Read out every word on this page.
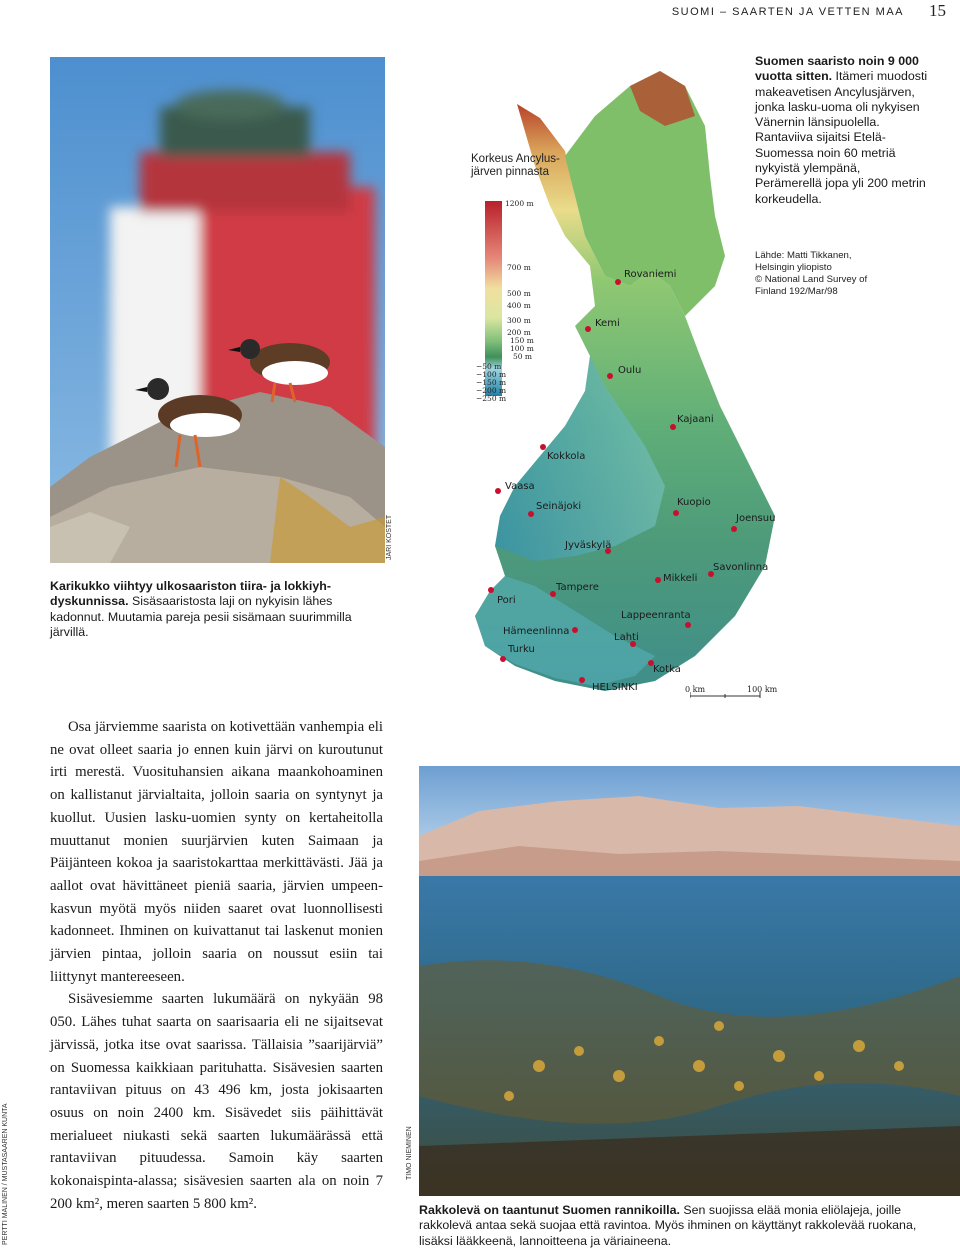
SUOMI – SAARTEN JA VETTEN MAA 15
JARI KOSTET
Karikukko viihtyy ulkosaariston tiira- ja lokkiyhdyskunnissa. Sisäsaaristosta laji on nykyisin lähes kadonnut. Muutamia pareja pesii sisämaan suurimmilla järvillä.
1200 m
700 m
500 m
400 m
300 m
200 m
150 m
100 m
50 m
−50 m
−100 m
−150 m
−200 m
−250 m
Rovaniemi
Kemi
Oulu
Kajaani
Kokkola
Vaasa
Seinäjoki	Kuopio
Joensuu
Jyväskylä
Savonlinna
Mikkeli
Tampere
Pori
Lappeenranta
Hämeenlinna
Lahti
Turku
Kotka
HELSINKI	0 km	100 km
Korkeus Ancylus-järven pinnasta
Suomen saaristo noin 9 000 vuotta sitten. Itämeri muodosti makeavetisen Ancylusjärven, jonka lasku-uoma oli nykyisen Vänernin länsipuolella. Rantaviiva sijaitsi Etelä-Suomessa noin 60 metriä nykyistä ylempänä, Perämerellä jopa yli 200 metrin korkeudella.
Lähde: Matti Tikkanen,
Helsingin yliopisto
© National Land Survey of
Finland 192/Mar/98

Osa järviemme saarista on kotivettään vanhempia eli ne ovat olleet saaria jo ennen kuin järvi on kuroutunut irti merestä. Vuosituhansien aikana maankohoaminen on kallistanut järvialtaita, jolloin saaria on syntynyt ja kuollut. Uusien lasku-uomien synty on kertaheitolla muuttanut monien suurjärvien kuten Saimaan ja Päijänteen kokoa ja saaristokarttaa merkittävästi. Jää ja aallot ovat hävittäneet pieniä saaria, järvien umpeenkasvun myötä myös niiden saaret ovat luonnollisesti kadonneet. Ihminen on kuivattanut tai laskenut monien järvien pintaa, jolloin saaria on noussut esiin tai liittynyt mantereeseen.

Sisävesiemme saarten lukumäärä on nykyään 98 050. Lähes tuhat saarta on saarisaaria eli ne sijaitsevat järvissä, jotka itse ovat saarissa. Tällaisia ”saarijärviä” on Suomessa kaikkiaan parituhatta. Sisävesien saarten rantaviivan pituus on 43 496 km, josta jokisaarten osuus on noin 2400 km. Sisävedet siis päihittävät merialueet niukasti sekä saarten lukumäärässä että rantaviivan pituudessa. Samoin käy saarten kokonaispinta-alassa; sisävesien saarten ala on noin 7 200 km², meren saarten 5 800 km².

PERTTI MALINEN / MUSTASAAREN KUNTA	TIMO NIEMINEN
Rakkolevä on taantunut Suomen rannikoilla. Sen suojissa elää monia eliölajeja, joille rakkolevä antaa sekä suojaa että ravintoa. Myös ihminen on käyttänyt rakkolevää ruokana, lisäksi lääkkeenä, lannoitteena ja väriaineena.
